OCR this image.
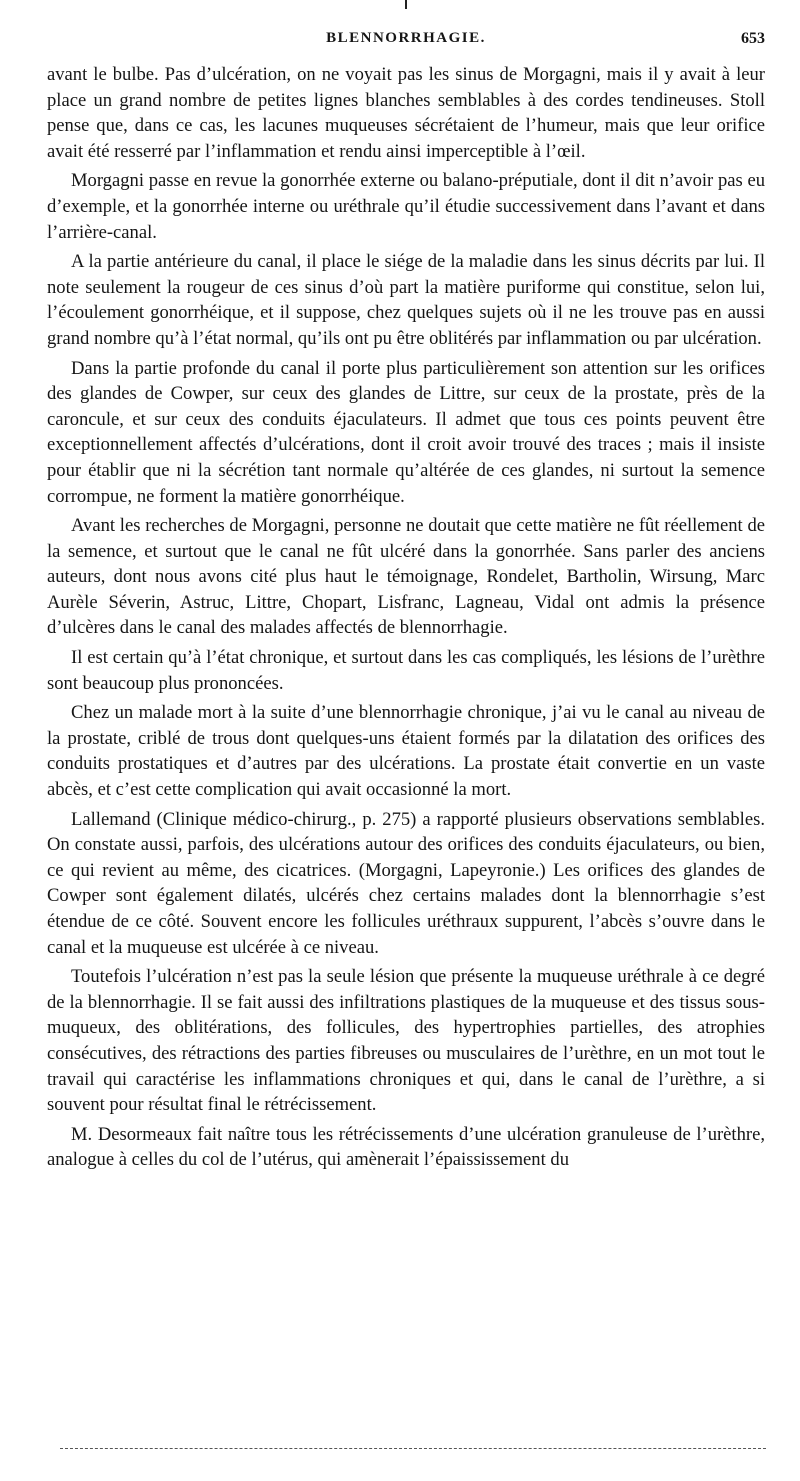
BLENNORRHAGIE.	653

avant le bulbe. Pas d’ulcération, on ne voyait pas les sinus de Morgagni, mais il y avait à leur place un grand nombre de petites lignes blanches semblables à des cordes tendineuses. Stoll pense que, dans ce cas, les lacunes muqueuses sécrétaient de l’humeur, mais que leur orifice avait été resserré par l’inflammation et rendu ainsi imperceptible à l’œil.

Morgagni passe en revue la gonorrhée externe ou balano-préputiale, dont il dit n’avoir pas eu d’exemple, et la gonorrhée interne ou uréthrale qu’il étudie successivement dans l’avant et dans l’arrière-canal.

A la partie antérieure du canal, il place le siége de la maladie dans les sinus décrits par lui. Il note seulement la rougeur de ces sinus d’où part la matière puriforme qui constitue, selon lui, l’écoulement gonorrhéique, et il suppose, chez quelques sujets où il ne les trouve pas en aussi grand nombre qu’à l’état normal, qu’ils ont pu être oblitérés par inflammation ou par ulcération.

Dans la partie profonde du canal il porte plus particulièrement son attention sur les orifices des glandes de Cowper, sur ceux des glandes de Littre, sur ceux de la prostate, près de la caroncule, et sur ceux des conduits éjaculateurs. Il admet que tous ces points peuvent être exceptionnellement affectés d’ulcérations, dont il croit avoir trouvé des traces ; mais il insiste pour établir que ni la sécrétion tant normale qu’altérée de ces glandes, ni surtout la semence corrompue, ne forment la matière gonorrhéique.

Avant les recherches de Morgagni, personne ne doutait que cette matière ne fût réellement de la semence, et surtout que le canal ne fût ulcéré dans la gonorrhée. Sans parler des anciens auteurs, dont nous avons cité plus haut le témoignage, Rondelet, Bartholin, Wirsung, Marc Aurèle Séverin, Astruc, Littre, Chopart, Lisfranc, Lagneau, Vidal ont admis la présence d’ulcères dans le canal des malades affectés de blennorrhagie.

Il est certain qu’à l’état chronique, et surtout dans les cas compliqués, les lésions de l’urèthre sont beaucoup plus prononcées.

Chez un malade mort à la suite d’une blennorrhagie chronique, j’ai vu le canal au niveau de la prostate, criblé de trous dont quelques-uns étaient formés par la dilatation des orifices des conduits prostatiques et d’autres par des ulcérations. La prostate était convertie en un vaste abcès, et c’est cette complication qui avait occasionné la mort.

Lallemand (Clinique médico-chirurg., p. 275) a rapporté plusieurs observations semblables. On constate aussi, parfois, des ulcérations autour des orifices des conduits éjaculateurs, ou bien, ce qui revient au même, des cicatrices. (Morgagni, Lapeyronie.) Les orifices des glandes de Cowper sont également dilatés, ulcérés chez certains malades dont la blennorrhagie s’est étendue de ce côté. Souvent encore les follicules uréthraux suppurent, l’abcès s’ouvre dans le canal et la muqueuse est ulcérée à ce niveau.

Toutefois l’ulcération n’est pas la seule lésion que présente la muqueuse uréthrale à ce degré de la blennorrhagie. Il se fait aussi des infiltrations plastiques de la muqueuse et des tissus sous-muqueux, des oblitérations, des follicules, des hypertrophies partielles, des atrophies consécutives, des rétractions des parties fibreuses ou musculaires de l’urèthre, en un mot tout le travail qui caractérise les inflammations chroniques et qui, dans le canal de l’urèthre, a si souvent pour résultat final le rétrécissement.

M. Desormeaux fait naître tous les rétrécissements d’une ulcération granuleuse de l’urèthre, analogue à celles du col de l’utérus, qui amènerait l’épaississement du
